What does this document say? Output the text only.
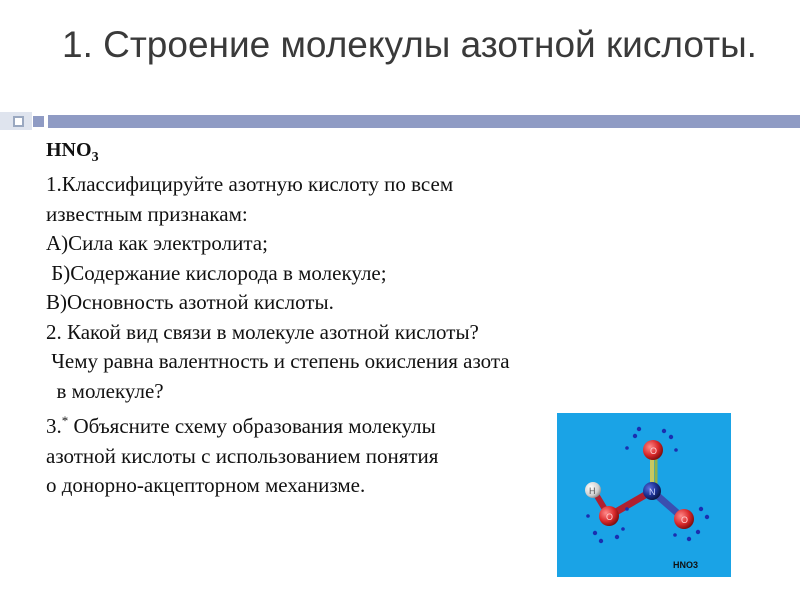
1. Строение молекулы азотной кислоты.
$HNO_3$
1.Классифицируйте азотную кислоту по всем
известным признакам:
А)Сила как электролита;
Б)Содержание кислорода в молекуле;
В)Основность азотной кислоты.
2. Какой вид связи в молекуле азотной кислоты?
Чему равна валентность и степень окисления азота
в молекуле?
3.* Объясните схему образования молекулы
азотной кислоты с использованием понятия
о донорно-акцепторном механизме.
O
N
O
O
H
HNO3
